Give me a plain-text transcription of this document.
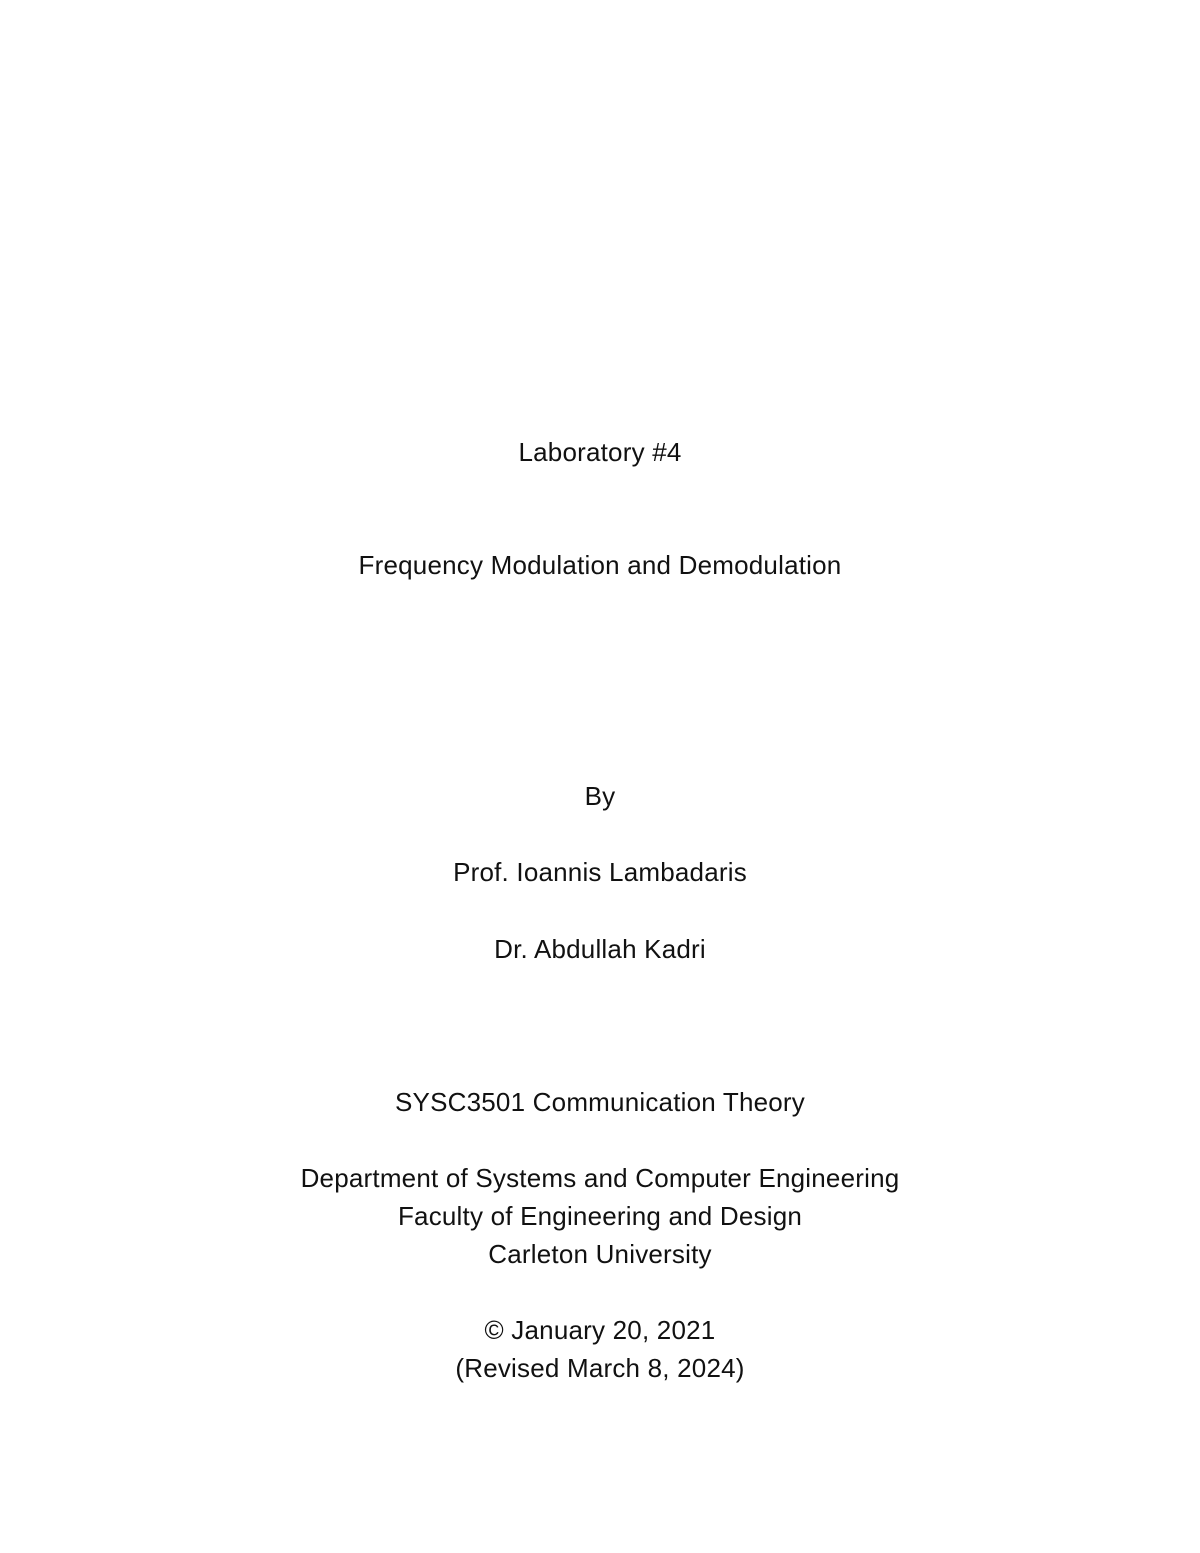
Laboratory #4
Frequency Modulation and Demodulation
By
Prof. Ioannis Lambadaris
Dr. Abdullah Kadri
SYSC3501 Communication Theory
Department of Systems and Computer Engineering
Faculty of Engineering and Design
Carleton University
© January 20, 2021
(Revised March 8, 2024)
